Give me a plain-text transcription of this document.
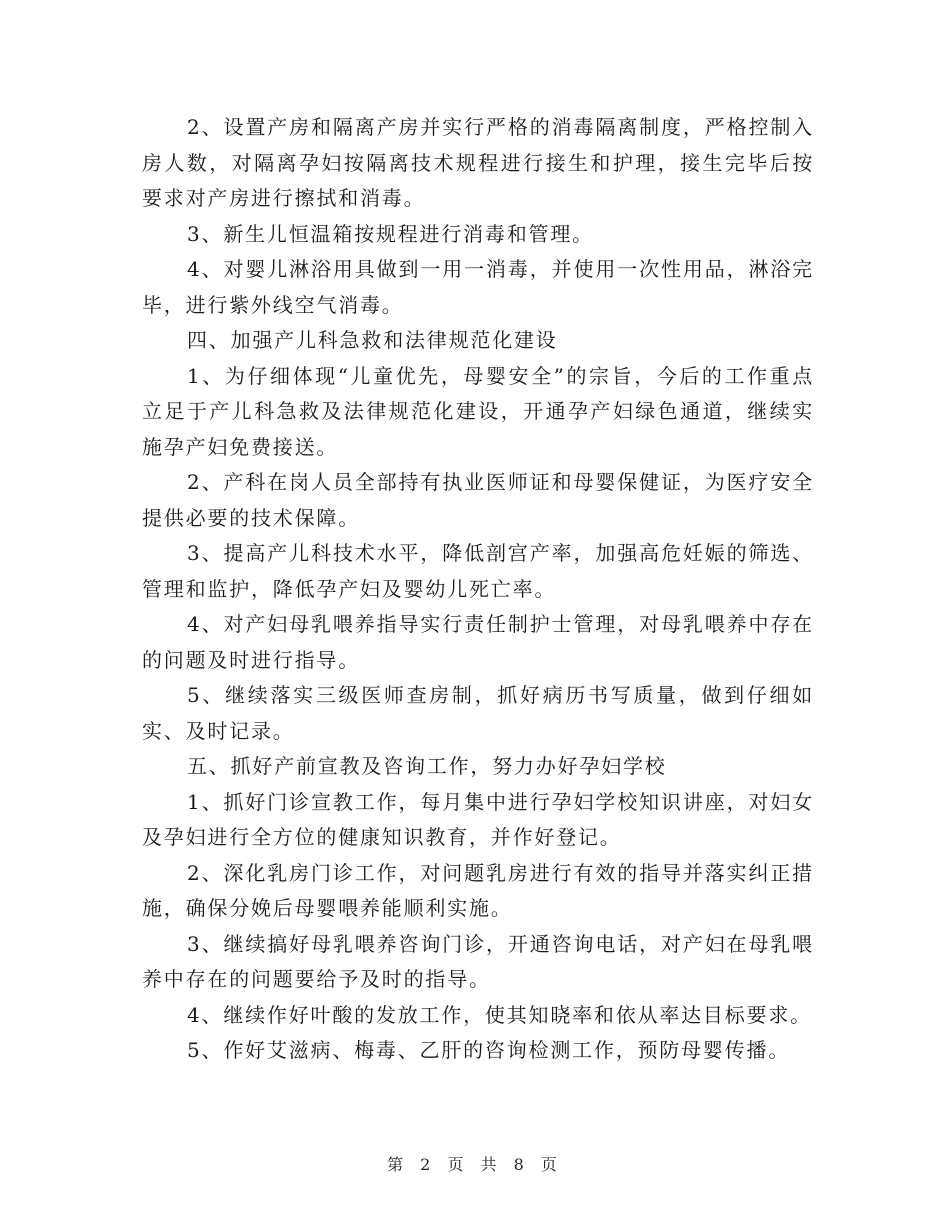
2、设置产房和隔离产房并实行严格的消毒隔离制度，严格控制入房人数，对隔离孕妇按隔离技术规程进行接生和护理，接生完毕后按要求对产房进行擦拭和消毒。

3、新生儿恒温箱按规程进行消毒和管理。

4、对婴儿淋浴用具做到一用一消毒，并使用一次性用品，淋浴完毕，进行紫外线空气消毒。

四、加强产儿科急救和法律规范化建设

1、为仔细体现“儿童优先，母婴安全”的宗旨，今后的工作重点立足于产儿科急救及法律规范化建设，开通孕产妇绿色通道，继续实施孕产妇免费接送。

2、产科在岗人员全部持有执业医师证和母婴保健证，为医疗安全提供必要的技术保障。

3、提高产儿科技术水平，降低剖宫产率，加强高危妊娠的筛选、管理和监护，降低孕产妇及婴幼儿死亡率。

4、对产妇母乳喂养指导实行责任制护士管理，对母乳喂养中存在的问题及时进行指导。

5、继续落实三级医师查房制，抓好病历书写质量，做到仔细如实、及时记录。

五、抓好产前宣教及咨询工作，努力办好孕妇学校

1、抓好门诊宣教工作，每月集中进行孕妇学校知识讲座，对妇女及孕妇进行全方位的健康知识教育，并作好登记。

2、深化乳房门诊工作，对问题乳房进行有效的指导并落实纠正措施，确保分娩后母婴喂养能顺利实施。

3、继续搞好母乳喂养咨询门诊，开通咨询电话，对产妇在母乳喂养中存在的问题要给予及时的指导。

4、继续作好叶酸的发放工作，使其知晓率和依从率达目标要求。

5、作好艾滋病、梅毒、乙肝的咨询检测工作，预防母婴传播。

第 2 页 共 8 页
